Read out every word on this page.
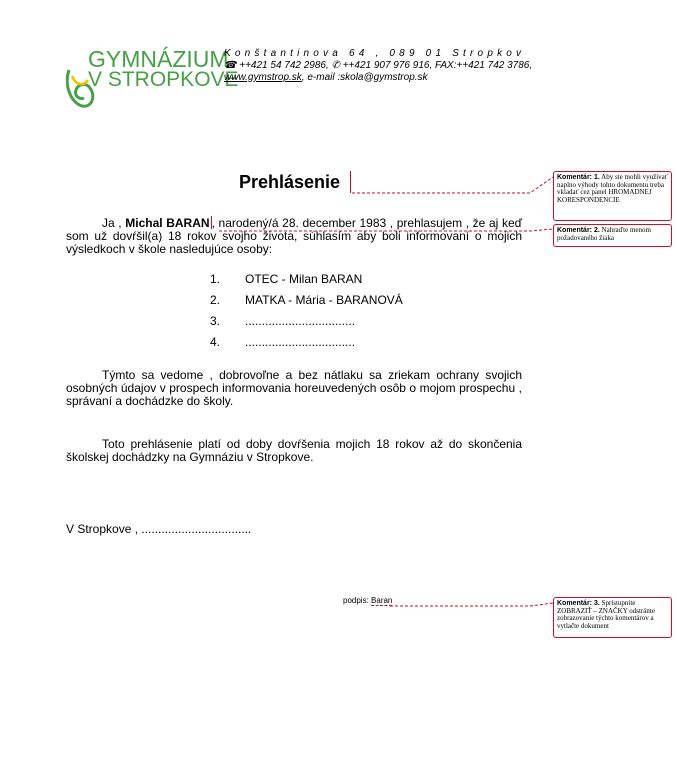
GYMNÁZIUM
V STROPKOVE
Konštantinova 64 , 089 01 Stropkov
☎ ++421 54 742 2986, ✆ ++421 907 976 916, FAX:++421 742 3786,
www.gymstrop.sk, e-mail :skola@gymstrop.sk
Prehlásenie
Ja , Michal BARAN , narodený/á 28. december 1983 , prehlasujem , že aj keď som už dovŕšil(a) 18 rokov svojho života, súhlasím aby boli informovaní o mojich výsledkoch v škole nasledujúce osoby:
1. OTEC - Milan BARAN
2. MATKA - Mária - BARANOVÁ
3. .................................
4. .................................
Týmto sa vedome , dobrovoľne a bez nátlaku sa zriekam ochrany svojich osobných údajov v prospech informovania horeuvedených osôb o mojom prospechu , správaní a dochádzke do školy.
Toto prehlásenie platí od doby dovŕšenia mojich 18 rokov až do skončenia školskej dochádzky na Gymnáziu v Stropkove.
V Stropkove , .................................
podpis: Baran
Komentár: 1. Aby ste mohli využívať naplno výhody tohto dokumentu treba vkladať cez panel HROMADNEJ KORESPONDENCIE
Komentár: 2. Nahraďte menom požadovaného žiaka
Komentár: 3. Sprístupnite ZOBRAZIŤ – ZNAČKY odstránte zobrazovanie týchto komentárov a vytlačte dokument
